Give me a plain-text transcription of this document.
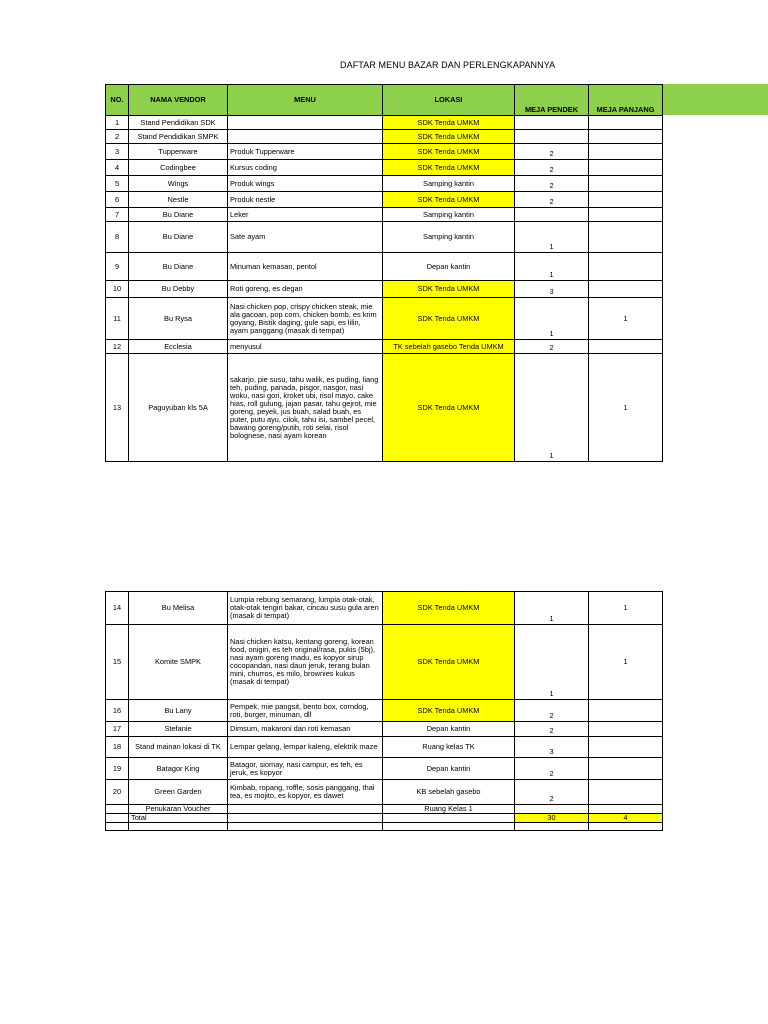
DAFTAR MENU BAZAR DAN PERLENGKAPANNYA
NO.	NAMA VENDOR	MENU	LOKASI	MEJA PENDEK	MEJA PANJANG
1	Stand Pendidikan SDK		SDK Tenda UMKM		
2	Stand Pendidikan SMPK		SDK Tenda UMKM		
3	Tupperware	Produk Tupperware	SDK Tenda UMKM	2	
4	Codingbee	Kursus coding	SDK Tenda UMKM	2	
5	Wings	Produk wings	Samping kantin	2	
6	Nestle	Produk nestle	SDK Tenda UMKM	2	
7	Bu Diane	Leker	Samping kantin		
8	Bu Diane	Sate ayam	Samping kantin	1	
9	Bu Diane	Minuman kemasan, pentol	Depan kantin	1	
10	Bu Debby	Roti goreng, es degan	SDK Tenda UMKM	3	
11	Bu Rysa	Nasi chicken pop, crispy chicken steak, mie ala gacoan, pop corn, chicken bomb, es krim goyang, Bistik daging, gule sapi, es lilin, ayam panggang (masak di tempat)	SDK Tenda UMKM	1	1
12	Ecclesia	menyusul	TK sebelah gasebo Tenda UMKM	2	
13	Paguyuban kls 5A	sakarjo, pie susu, tahu walik, es puding, liang teh, puding, panada, pisgor, nasgor, nasi woku, nasi gori, kroket ubi, risol mayo, cake hias, roll gulung, jajan pasar, tahu gejrot, mie goreng, peyek, jus buah, salad buah, es puter, putu ayu, cilok, tahu isi, sambel pecel, bawang goreng/putih, roti selai, risol bolognese, nasi ayam korean	SDK Tenda UMKM	1	1
14	Bu Melisa	Lumpia rebung semarang, lumpia otak-otak, otak-otak tengiri bakar, cincau susu gula aren (masak di tempat)	SDK Tenda UMKM	1	1
15	Komite SMPK	Nasi chicken katsu, kentang goreng, korean food, onigiri, es teh original/rasa, pukis (5bj), nasi ayam goreng madu, es kopyor sirup cocopandan, nasi daun jeruk, terang bulan mini, churros, es milo, brownies kukus (masak di tempat)	SDK Tenda UMKM	1	1
16	Bu Lany	Pempek, mie pangsit, bento box, corndog, roti, burger, minuman, dll	SDK Tenda UMKM	2	
17	Stefanie	Dimsum, makaroni dan roti kemasan	Depan kantin	2	
18	Stand mainan lokasi di TK	Lempar gelang, lempar kaleng, elektrik maze	Ruang kelas TK	3	
19	Batagor King	Batagor, siomay, nasi campur, es teh, es jeruk, es kopyor	Depan kantin	2	
20	Green Garden	Kimbab, ropang, roffle, sosis panggang, thai tea, es mojito, es kopyor, es dawet	KB sebelah gasebo	2	
	Penukaran Voucher		Ruang Kelas 1		
	Total			30	4
